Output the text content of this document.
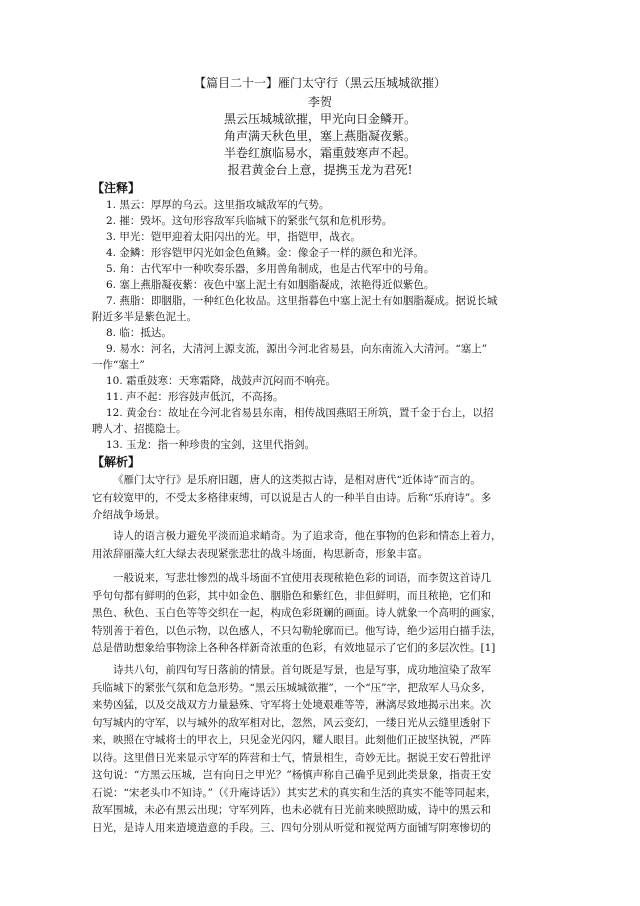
【篇目二十一】雁门太守行（黑云压城城欲摧）
李贺
黑云压城城欲摧，甲光向日金鳞开。
角声满天秋色里，塞上燕脂凝夜紫。
半卷红旗临易水，霜重鼓寒声不起。
报君黄金台上意，提携玉龙为君死!
【注释】
1. 黑云：厚厚的乌云。这里指攻城敌军的气势。
2. 摧：毁坏。这句形容敌军兵临城下的紧张气氛和危机形势。
3. 甲光：铠甲迎着太阳闪出的光。甲，指铠甲，战衣。
4. 金鳞：形容铠甲闪光如金色鱼鳞。金：像金子一样的颜色和光泽。
5. 角：古代军中一种吹奏乐器，多用兽角制成，也是古代军中的号角。
6. 塞上燕脂凝夜紫：夜色中塞上泥土有如胭脂凝成，浓艳得近似紫色。
7. 燕脂：即胭脂，一种红色化妆品。这里指暮色中塞上泥土有如胭脂凝成。据说长城
附近多半是紫色泥土。
8. 临：抵达。
9. 易水：河名，大清河上源支流，源出今河北省易县，向东南流入大清河。“塞上”
一作“塞土”
10. 霜重鼓寒：天寒霜降，战鼓声沉闷而不响亮。
11. 声不起：形容鼓声低沉，不高扬。
12. 黄金台：故址在今河北省易县东南，相传战国燕昭王所筑，置千金于台上，以招
聘人才、招揽隐士。
13. 玉龙：指一种珍贵的宝剑，这里代指剑。
【解析】
《雁门太守行》是乐府旧题，唐人的这类拟古诗，是相对唐代“近体诗”而言的。
它有较宽甲的，不受太多格律束缚，可以说是古人的一种半自由诗。后称“乐府诗”。多
介绍战争场景。
诗人的语言极力避免平淡而追求峭奇。为了追求奇，他在事物的色彩和情态上着力，
用浓辞丽藻大红大绿去表现紧张悲壮的战斗场面，构思新奇，形象丰富。
一般说来，写悲壮惨烈的战斗场面不宜使用表现秾艳色彩的词语，而李贺这首诗几
乎句句都有鲜明的色彩，其中如金色、胭脂色和紫红色，非但鲜明，而且秾艳，它们和
黑色、秋色、玉白色等等交织在一起，构成色彩斑斓的画面。诗人就象一个高明的画家，
特别善于着色，以色示物，以色感人，不只勾勒轮廓而已。他写诗，绝少运用白描手法，
总是借助想象给事物涂上各种各样新奇浓重的色彩，有效地显示了它们的多层次性。[1]
诗共八句，前四句写日落前的情景。首句既是写景，也是写事，成功地渲染了敌军
兵临城下的紧张气氛和危急形势。“黑云压城城欲摧”，一个“压”字，把敌军人马众多，
来势凶猛，以及交战双方力量悬殊、守军将士处境艰难等等，淋漓尽致地揭示出来。次
句写城内的守军，以与城外的敌军相对比，忽然，风云变幻，一缕日光从云缝里透射下
来，映照在守城将士的甲衣上，只见金光闪闪，耀人眼目。此刻他们正披坚执锐，严阵
以待。这里借日光来显示守军的阵营和士气，情景相生，奇妙无比。据说王安石曾批评
这句说：“方黑云压城，岂有向日之甲光？”杨慎声称自己确乎见到此类景象，指责王安
石说：“宋老头巾不知诗。”（《升庵诗话》）其实艺术的真实和生活的真实不能等同起来，
敌军围城，未必有黑云出现；守军列阵，也未必就有日光前来映照助威，诗中的黑云和
日光，是诗人用来造境造意的手段。三、四句分别从听觉和视觉两方面铺写阴寒惨切的
